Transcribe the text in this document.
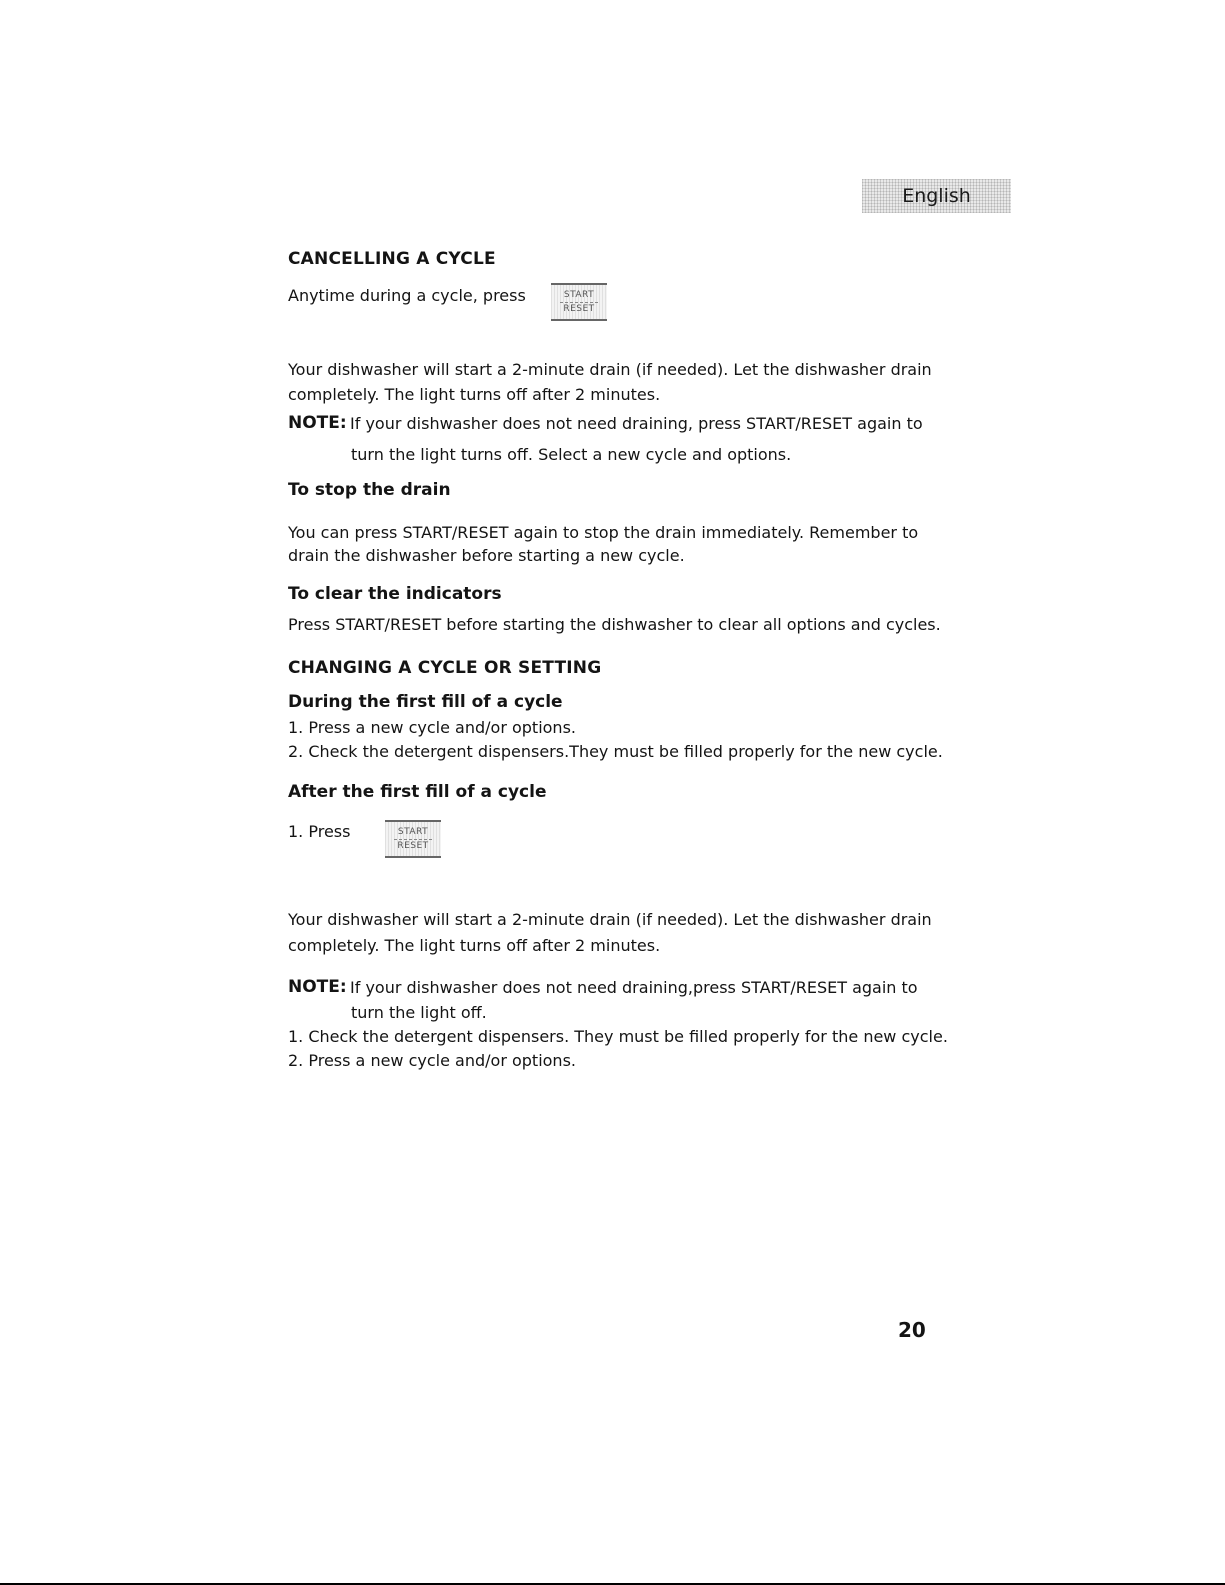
English
CANCELLING A CYCLE
Anytime during a cycle, press	START
RESET
Your dishwasher will start a 2-minute drain (if needed). Let the dishwasher drain
completely. The light turns off after 2 minutes.
NOTE: If your dishwasher does not need draining, press START/RESET again to
turn the light turns off. Select a new cycle and options.
To stop the drain
You can press START/RESET again to stop the drain immediately. Remember to
drain the dishwasher before starting a new cycle.
To clear the indicators
Press START/RESET before starting the dishwasher to clear all options and cycles.
CHANGING A CYCLE OR SETTING
During the first fill of a cycle
1. Press a new cycle and/or options.
2. Check the detergent dispensers.They must be filled properly for the new cycle.
After the first fill of a cycle
1. Press	START
RESET
Your dishwasher will start a 2-minute drain (if needed). Let the dishwasher drain
completely. The light turns off after 2 minutes.
NOTE: If your dishwasher does not need draining,press START/RESET again to
turn the light off.
1. Check the detergent dispensers. They must be filled properly for the new cycle.
2. Press a new cycle and/or options.
20
